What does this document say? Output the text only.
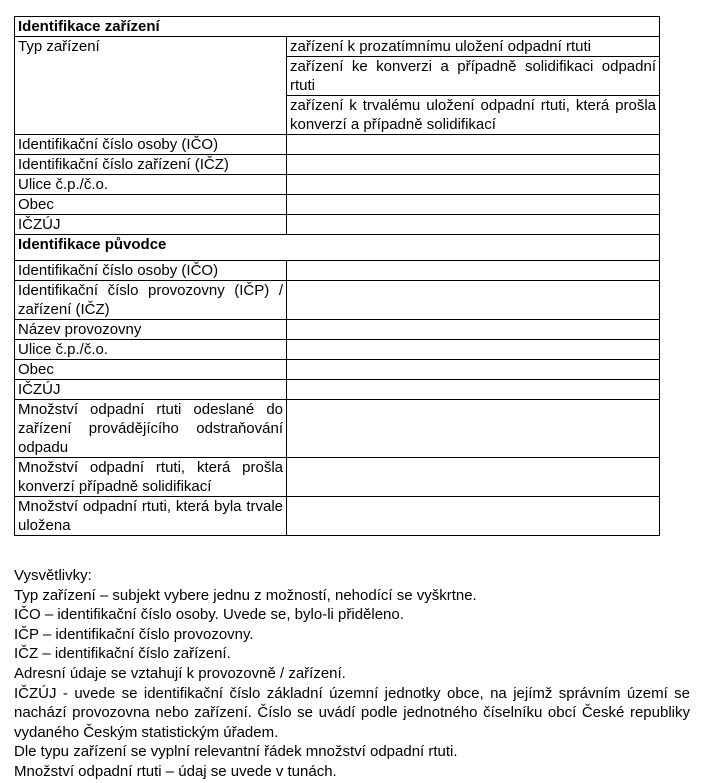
Identifikace zařízení	
Typ zařízení	zařízení k prozatímnímu uložení odpadní rtuti
zařízení ke konverzi a případně solidifikaci odpadní rtuti
zařízení k trvalému uložení odpadní rtuti, která prošla konverzí a případně solidifikací

Identifikační číslo osoby (IČO)	
Identifikační číslo zařízení (IČZ)	
Ulice č.p./č.o.	
Obec	
IČZÚJ	
Identifikace původce	
Identifikační číslo osoby (IČO)	
Identifikační číslo provozovny (IČP) / zařízení (IČZ)	
Název provozovny	
Ulice č.p./č.o.	
Obec	
IČZÚJ	
Množství odpadní rtuti odeslané do zařízení provádějícího odstraňování odpadu	
Množství odpadní rtuti, která prošla konverzí případně solidifikací	
Množství odpadní rtuti, která byla trvale uložena	
Vysvětlivky:
Typ zařízení – subjekt vybere jednu z možností, nehodící se vyškrtne.
IČO – identifikační číslo osoby. Uvede se, bylo-li přiděleno.
IČP – identifikační číslo provozovny.
IČZ – identifikační číslo zařízení.
Adresní údaje se vztahují k provozovně / zařízení.
IČZÚJ - uvede se identifikační číslo základní územní jednotky obce, na jejímž správním území se nachází provozovna nebo zařízení. Číslo se uvádí podle jednotného číselníku obcí České republiky vydaného Českým statistickým úřadem.
Dle typu zařízení se vyplní relevantní řádek množství odpadní rtuti.
Množství odpadní rtuti – údaj se uvede v tunách.
